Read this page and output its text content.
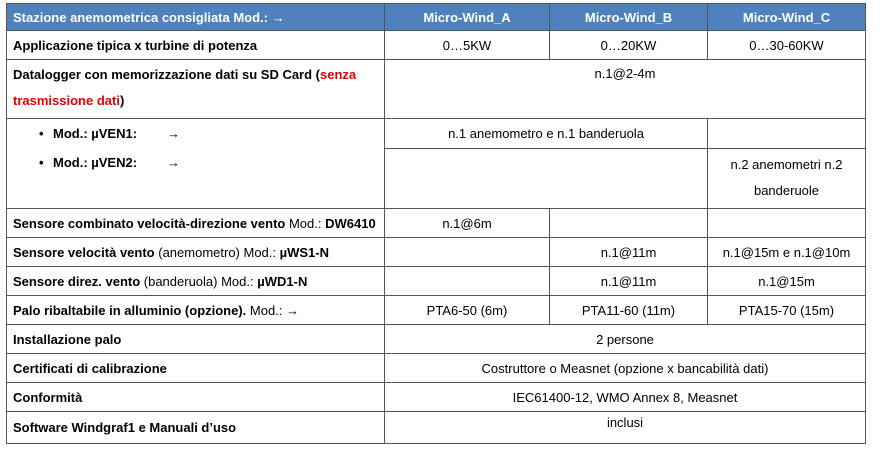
Stazione anemometrica consigliata Mod.: →	Micro-Wind_A	Micro-Wind_B	Micro-Wind_C
Applicazione tipica x turbine di potenza	0…5KW	0…20KW	0…30-60KW
Datalogger con memorizzazione dati su SD Card (senza trasmissione dati)	n.1@2-4m		
• Mod.: µVEN1: →	n.1 anemometro e n.1 banderuola		
• Mod.: µVEN2: →			n.2 anemometri n.2 banderuole
Sensore combinato velocità-direzione vento Mod.: DW6410	n.1@6m		
Sensore velocità vento (anemometro) Mod.: µWS1-N		n.1@11m	n.1@15m e n.1@10m
Sensore direz. vento (banderuola) Mod.: µWD1-N		n.1@11m	n.1@15m
Palo ribaltabile in alluminio (opzione). Mod.: →	PTA6-50 (6m)	PTA11-60 (11m)	PTA15-70 (15m)
Installazione palo	2 persone		
Certificati di calibrazione	Costruttore o Measnet (opzione x bancabilità dati)		
Conformità	IEC61400-12, WMO Annex 8, Measnet		
Software Windgraf1 e Manuali d’uso	inclusi		
